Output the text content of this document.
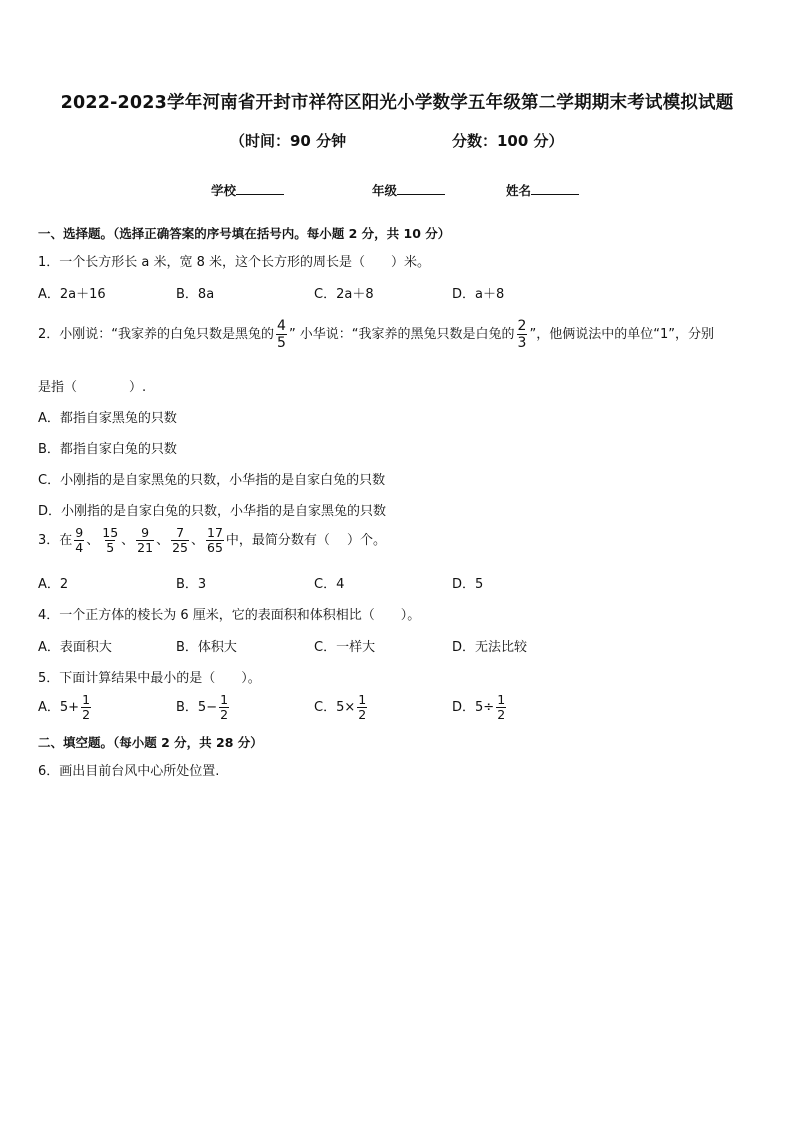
2022-2023学年河南省开封市祥符区阳光小学数学五年级第二学期期末考试模拟试题
（时间：90 分钟	分数：100 分）
学校	年级	姓名
一、选择题。（选择正确答案的序号填在括号内。每小题 2 分，共 10 分）
1．一个长方形长 a 米，宽 8 米，这个长方形的周长是（　　）米。
A．2a＋16	B．8a	C．2a＋8	D．a＋8
2．小刚说：“我家养的白兔只数是黑兔的 $\frac{4}{5}$ ” 小华说：“我家养的黑兔只数是白兔的 $\frac{2}{3}$ ”，他俩说法中的单位“1”，分别
是指（　　　　）.
A．都指自家黑兔的只数
B．都指自家白兔的只数
C．小刚指的是自家黑兔的只数，小华指的是自家白兔的只数
D．小刚指的是自家白兔的只数，小华指的是自家黑兔的只数
3．在 $\frac{9}{4}$ 、 $\frac{15}{5}$ 、 $\frac{9}{21}$ 、 $\frac{7}{25}$ 、 $\frac{17}{65}$ 中，最简分数有（　 ）个。
A．2	B．3	C．4	D．5
4．一个正方体的棱长为 6 厘米，它的表面积和体积相比（　　）。
A．表面积大	B．体积大	C．一样大	D．无法比较
5．下面计算结果中最小的是（　　）。
A．$5+ \frac{1}{2}$	B．$5- \frac{1}{2}$	C．$5\times \frac{1}{2}$	D．$5\div \frac{1}{2}$
二、填空题。（每小题 2 分，共 28 分）
6．画出目前台风中心所处位置.
